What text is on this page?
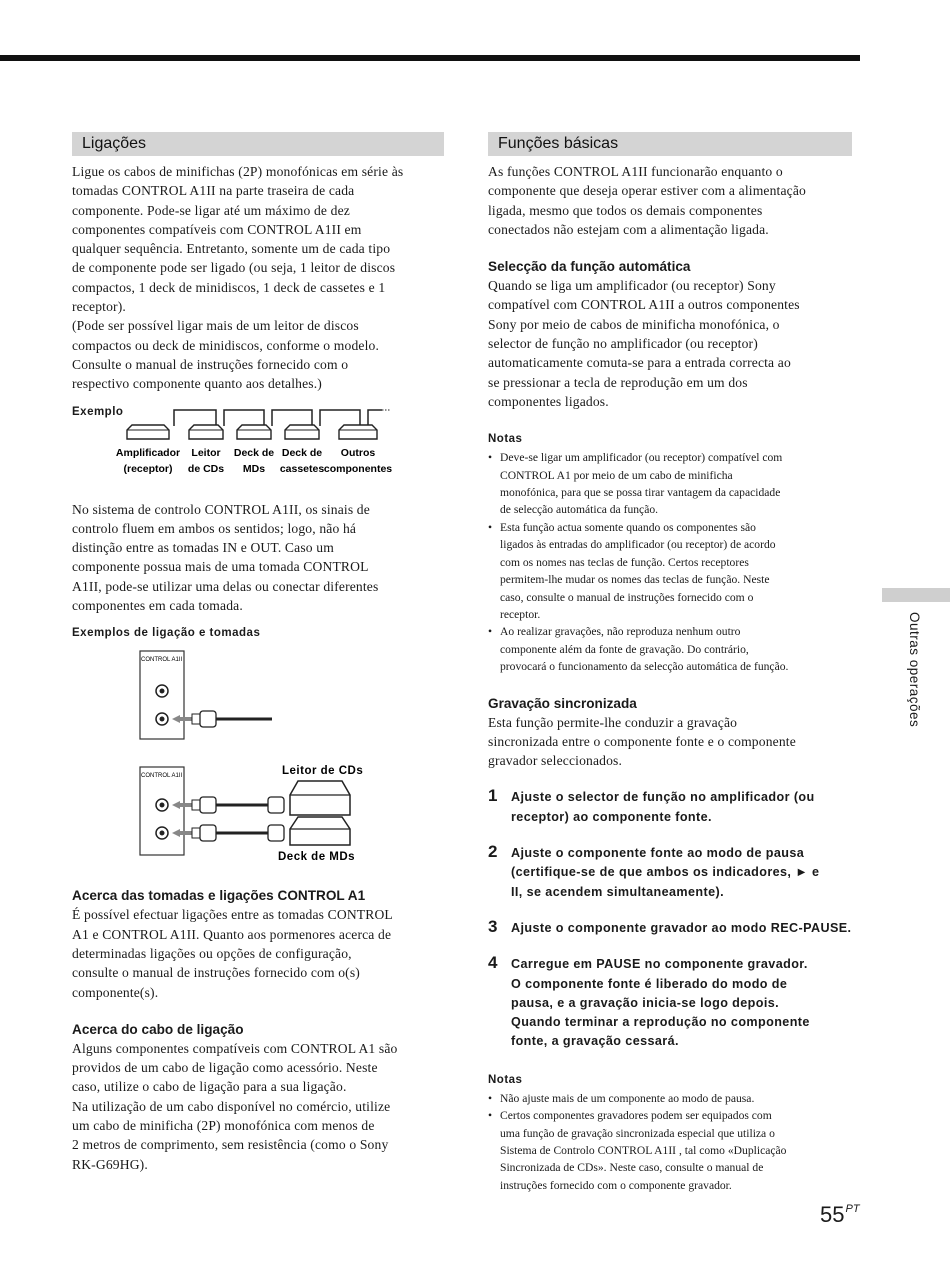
Ligações

Ligue os cabos de minifichas (2P) monofónicas em série às
tomadas CONTROL A1II na parte traseira de cada
componente. Pode-se ligar até um máximo de dez
componentes compatíveis com CONTROL A1II em
qualquer sequência. Entretanto, somente um de cada tipo
de componente pode ser ligado (ou seja, 1 leitor de discos
compactos, 1 deck de minidiscos, 1 deck de cassetes e 1
receptor).
(Pode ser possível ligar mais de um leitor de discos
compactos ou deck de minidiscos, conforme o modelo.
Consulte o manual de instruções fornecido com o
respectivo componente quanto aos detalhes.)

Exemplo
Amplificador
(receptor)
Leitor
de CDs
Deck de
MDs
Deck de
cassetes
Outros
componentes

No sistema de controlo CONTROL A1II, os sinais de
controlo fluem em ambos os sentidos; logo, não há
distinção entre as tomadas IN e OUT. Caso um
componente possua mais de uma tomada CONTROL
A1II, pode-se utilizar uma delas ou conectar diferentes
componentes em cada tomada.

Exemplos de ligação e tomadas
CONTROL A1II
CONTROL A1II	Leitor de CDs
Deck de MDs
Acerca das tomadas e ligações CONTROL A1

É possível efectuar ligações entre as tomadas CONTROL
A1 e CONTROL A1II. Quanto aos pormenores acerca de
determinadas ligações ou opções de configuração,
consulte o manual de instruções fornecido com o(s)
componente(s).

Acerca do cabo de ligação

Alguns componentes compatíveis com CONTROL A1 são
providos de um cabo de ligação como acessório. Neste
caso, utilize o cabo de ligação para a sua ligação.
Na utilização de um cabo disponível no comércio, utilize
um cabo de minificha (2P) monofónica com menos de
2 metros de comprimento, sem resistência (como o Sony
RK-G69HG).

Funções básicas

As funções CONTROL A1II funcionarão enquanto o
componente que deseja operar estiver com a alimentação
ligada, mesmo que todos os demais componentes
conectados não estejam com a alimentação ligada.

Selecção da função automática

Quando se liga um amplificador (ou receptor) Sony
compatível com CONTROL A1II a outros componentes
Sony por meio de cabos de minificha monofónica, o
selector de função no amplificador (ou receptor)
automaticamente comuta-se para a entrada correcta ao
se pressionar a tecla de reprodução em um dos
componentes ligados.

Notas
• Deve-se ligar um amplificador (ou receptor) compatível com
CONTROL A1 por meio de um cabo de minificha
monofónica, para que se possa tirar vantagem da capacidade
de selecção automática da função.
• Esta função actua somente quando os componentes são
ligados às entradas do amplificador (ou receptor) de acordo
com os nomes nas teclas de função. Certos receptores
permitem-lhe mudar os nomes das teclas de função. Neste
caso, consulte o manual de instruções fornecido com o
receptor.
• Ao realizar gravações, não reproduza nenhum outro
componente além da fonte de gravação. Do contrário,
provocará o funcionamento da selecção automática de função.
Gravação sincronizada

Esta função permite-lhe conduzir a gravação
sincronizada entre o componente fonte e o componente
gravador seleccionados.

1 Ajuste o selector de função no amplificador (ou
receptor) ao componente fonte.
2 Ajuste o componente fonte ao modo de pausa
(certifique-se de que ambos os indicadores, ► e
II, se acendem simultaneamente).
3 Ajuste o componente gravador ao modo REC-PAUSE.
4 Carregue em PAUSE no componente gravador.
O componente fonte é liberado do modo de
pausa, e a gravação inicia-se logo depois.
Quando terminar a reprodução no componente
fonte, a gravação cessará.
Notas
• Não ajuste mais de um componente ao modo de pausa.
• Certos componentes gravadores podem ser equipados com
uma função de gravação sincronizada especial que utiliza o
Sistema de Controlo CONTROL A1II , tal como «Duplicação
Sincronizada de CDs». Neste caso, consulte o manual de
instruções fornecido com o componente gravador.
Outras operações
$55^{PT}$
